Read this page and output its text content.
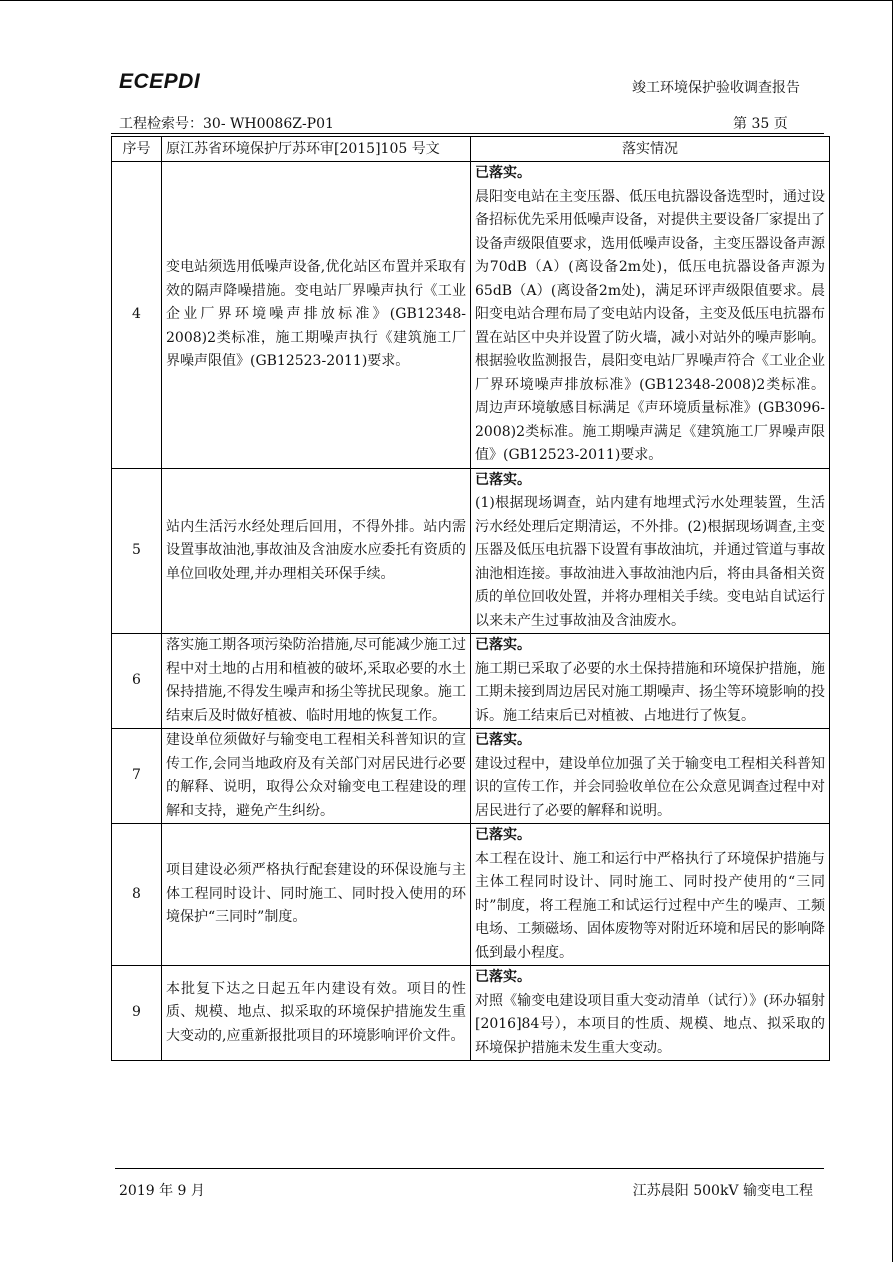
ECEPDI	竣工环境保护验收调查报告
工程检索号：30- WH0086Z-P01	第 35 页
序号	原江苏省环境保护厅苏环审[2015]105 号文	落实情况
4	变电站须选用低噪声设备,优化站区布置并采取有效的隔声降噪措施。变电站厂界噪声执行《工业企业厂界环境噪声排放标准》(GB12348-2008)2类标准，施工期噪声执行《建筑施工厂界噪声限值》(GB12523-2011)要求。	已落实。
晨阳变电站在主变压器、低压电抗器设备选型时，通过设备招标优先采用低噪声设备，对提供主要设备厂家提出了设备声级限值要求，选用低噪声设备，主变压器设备声源为70dB（A）(离设备2m处)，低压电抗器设备声源为65dB（A）(离设备2m处)，满足环评声级限值要求。晨阳变电站合理布局了变电站内设备，主变及低压电抗器布置在站区中央并设置了防火墙，减小对站外的噪声影响。根据验收监测报告，晨阳变电站厂界噪声符合《工业企业厂界环境噪声排放标准》(GB12348-2008)2类标准。周边声环境敏感目标满足《声环境质量标准》(GB3096-2008)2类标准。施工期噪声满足《建筑施工厂界噪声限值》(GB12523-2011)要求。

5	站内生活污水经处理后回用，不得外排。站内需设置事故油池,事故油及含油废水应委托有资质的单位回收处理,并办理相关环保手续。	已落实。
(1)根据现场调查，站内建有地埋式污水处理装置，生活污水经处理后定期清运，不外排。(2)根据现场调查,主变压器及低压电抗器下设置有事故油坑，并通过管道与事故油池相连接。事故油进入事故油池内后，将由具备相关资质的单位回收处置，并将办理相关手续。变电站自试运行以来未产生过事故油及含油废水。

6	落实施工期各项污染防治措施,尽可能减少施工过程中对土地的占用和植被的破坏,采取必要的水土保持措施,不得发生噪声和扬尘等扰民现象。施工结束后及时做好植被、临时用地的恢复工作。	已落实。
施工期已采取了必要的水土保持措施和环境保护措施，施工期未接到周边居民对施工期噪声、扬尘等环境影响的投诉。施工结束后已对植被、占地进行了恢复。

7	建设单位须做好与输变电工程相关科普知识的宣传工作,会同当地政府及有关部门对居民进行必要的解释、说明，取得公众对输变电工程建设的理解和支持，避免产生纠纷。	已落实。
建设过程中，建设单位加强了关于输变电工程相关科普知识的宣传工作，并会同验收单位在公众意见调查过程中对居民进行了必要的解释和说明。

8	项目建设必须严格执行配套建设的环保设施与主体工程同时设计、同时施工、同时投入使用的环境保护“三同时”制度。	已落实。
本工程在设计、施工和运行中严格执行了环境保护措施与主体工程同时设计、同时施工、同时投产使用的“三同时”制度，将工程施工和试运行过程中产生的噪声、工频电场、工频磁场、固体废物等对附近环境和居民的影响降低到最小程度。

9	本批复下达之日起五年内建设有效。项目的性质、规模、地点、拟采取的环境保护措施发生重大变动的,应重新报批项目的环境影响评价文件。	已落实。
对照《输变电建设项目重大变动清单（试行）》(环办辐射[2016]84号），本项目的性质、规模、地点、拟采取的环境保护措施未发生重大变动。
2019 年 9 月	江苏晨阳 500kV 输变电工程
